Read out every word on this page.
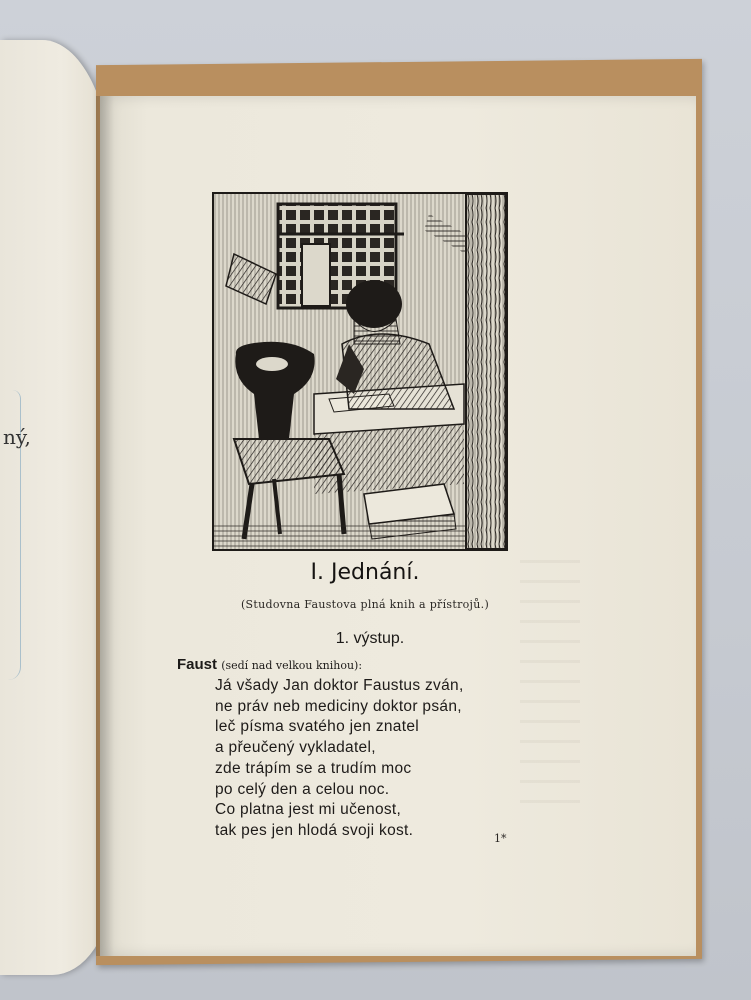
ný,
I. Jednání.
(Studovna Faustova plná knih a přístrojů.)
1. výstup.
Faust (sedí nad velkou knihou):
Já všady Jan doktor Faustus zván,
ne práv neb mediciny doktor psán,
leč písma svatého jen znatel
a přeučený vykladatel,
zde trápím se a trudím moc
po celý den a celou noc.
Co platna jest mi učenost,
tak pes jen hlodá svoji kost.	1*
